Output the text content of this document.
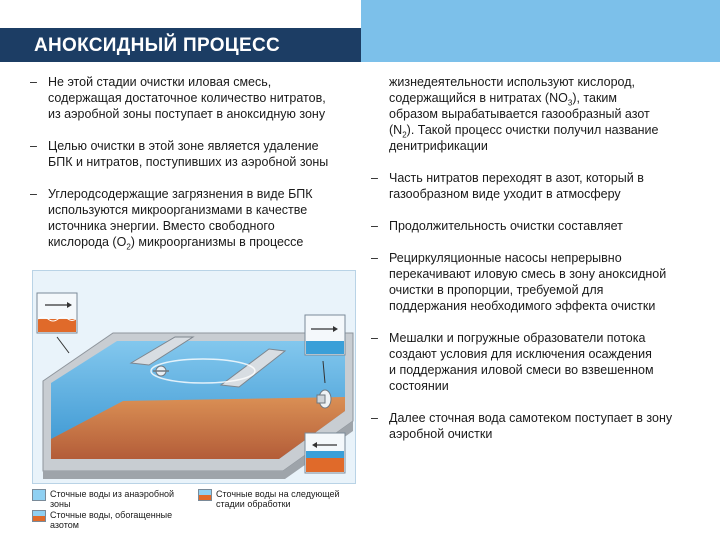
АНОКСИДНЫЙ ПРОЦЕСС

– Не этой стадии очистки иловая смесь,
содержащая достаточное количество нитратов,
из аэробной зоны поступает в аноксидную зону

– Целью очистки в этой зоне является удаление
БПК и нитратов, поступивших из аэробной зоны

– Углеродсодержащие загрязнения в виде БПК
используются микроорганизмами в качестве
источника энергии. Вместо свободного
кислорода $(O_2)$ микроорганизмы в процессе

жизнедеятельности используют кислород,
содержащийся в нитратах $(NO_3)$, таким
образом вырабатывается газообразный азот
$(N_2)$. Такой процесс очистки получил название
денитрификации

– Часть нитратов переходят в азот, который в
газообразном виде уходит в атмосферу

– Продолжительность очистки составляет

– Рециркуляционные насосы непрерывно
перекачивают иловую смесь в зону аноксидной
очистки в пропорции, требуемой для
поддержания необходимого эффекта очистки

– Мешалки и погружные образователи потока
создают условия для исключения осаждения
и поддержания иловой смеси во взвешенном
состоянии

– Далее сточная вода самотеком поступает в зону
аэробной очистки

Сточные воды из анаэробной
зоны
Сточные воды на следующей
стадии обработки
Сточные воды, обогащенные
азотом
